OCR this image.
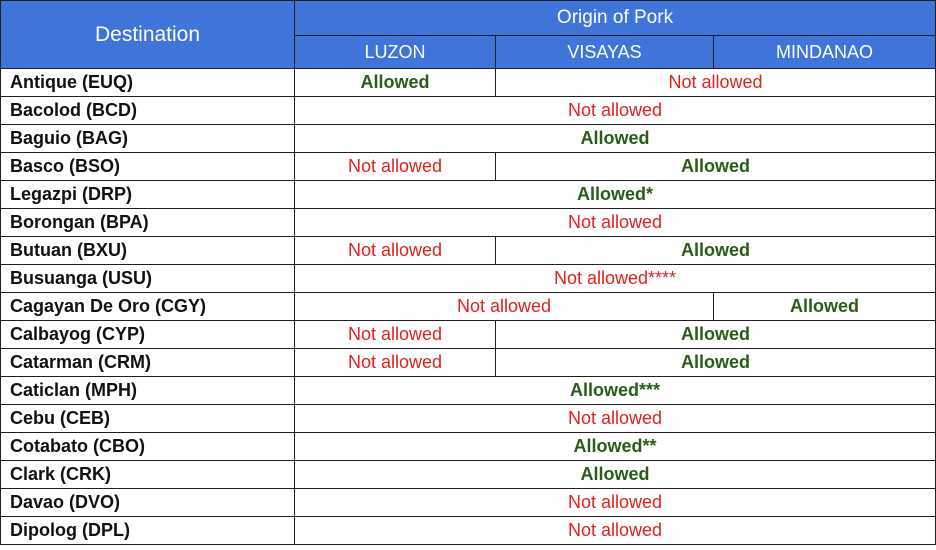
Destination	Origin of Pork		
	LUZON	VISAYAS	MINDANAO
Antique (EUQ)	Allowed	Not allowed	
Bacolod (BCD)	Not allowed		
Baguio (BAG)	Allowed		
Basco (BSO)	Not allowed	Allowed	
Legazpi (DRP)	Allowed*		
Borongan (BPA)	Not allowed		
Butuan (BXU)	Not allowed	Allowed	
Busuanga (USU)	Not allowed****		
Cagayan De Oro (CGY)	Not allowed		Allowed
Calbayog (CYP)	Not allowed	Allowed	
Catarman (CRM)	Not allowed	Allowed	
Caticlan (MPH)	Allowed***		
Cebu (CEB)	Not allowed		
Cotabato (CBO)	Allowed**		
Clark (CRK)	Allowed		
Davao (DVO)	Not allowed		
Dipolog (DPL)	Not allowed		
